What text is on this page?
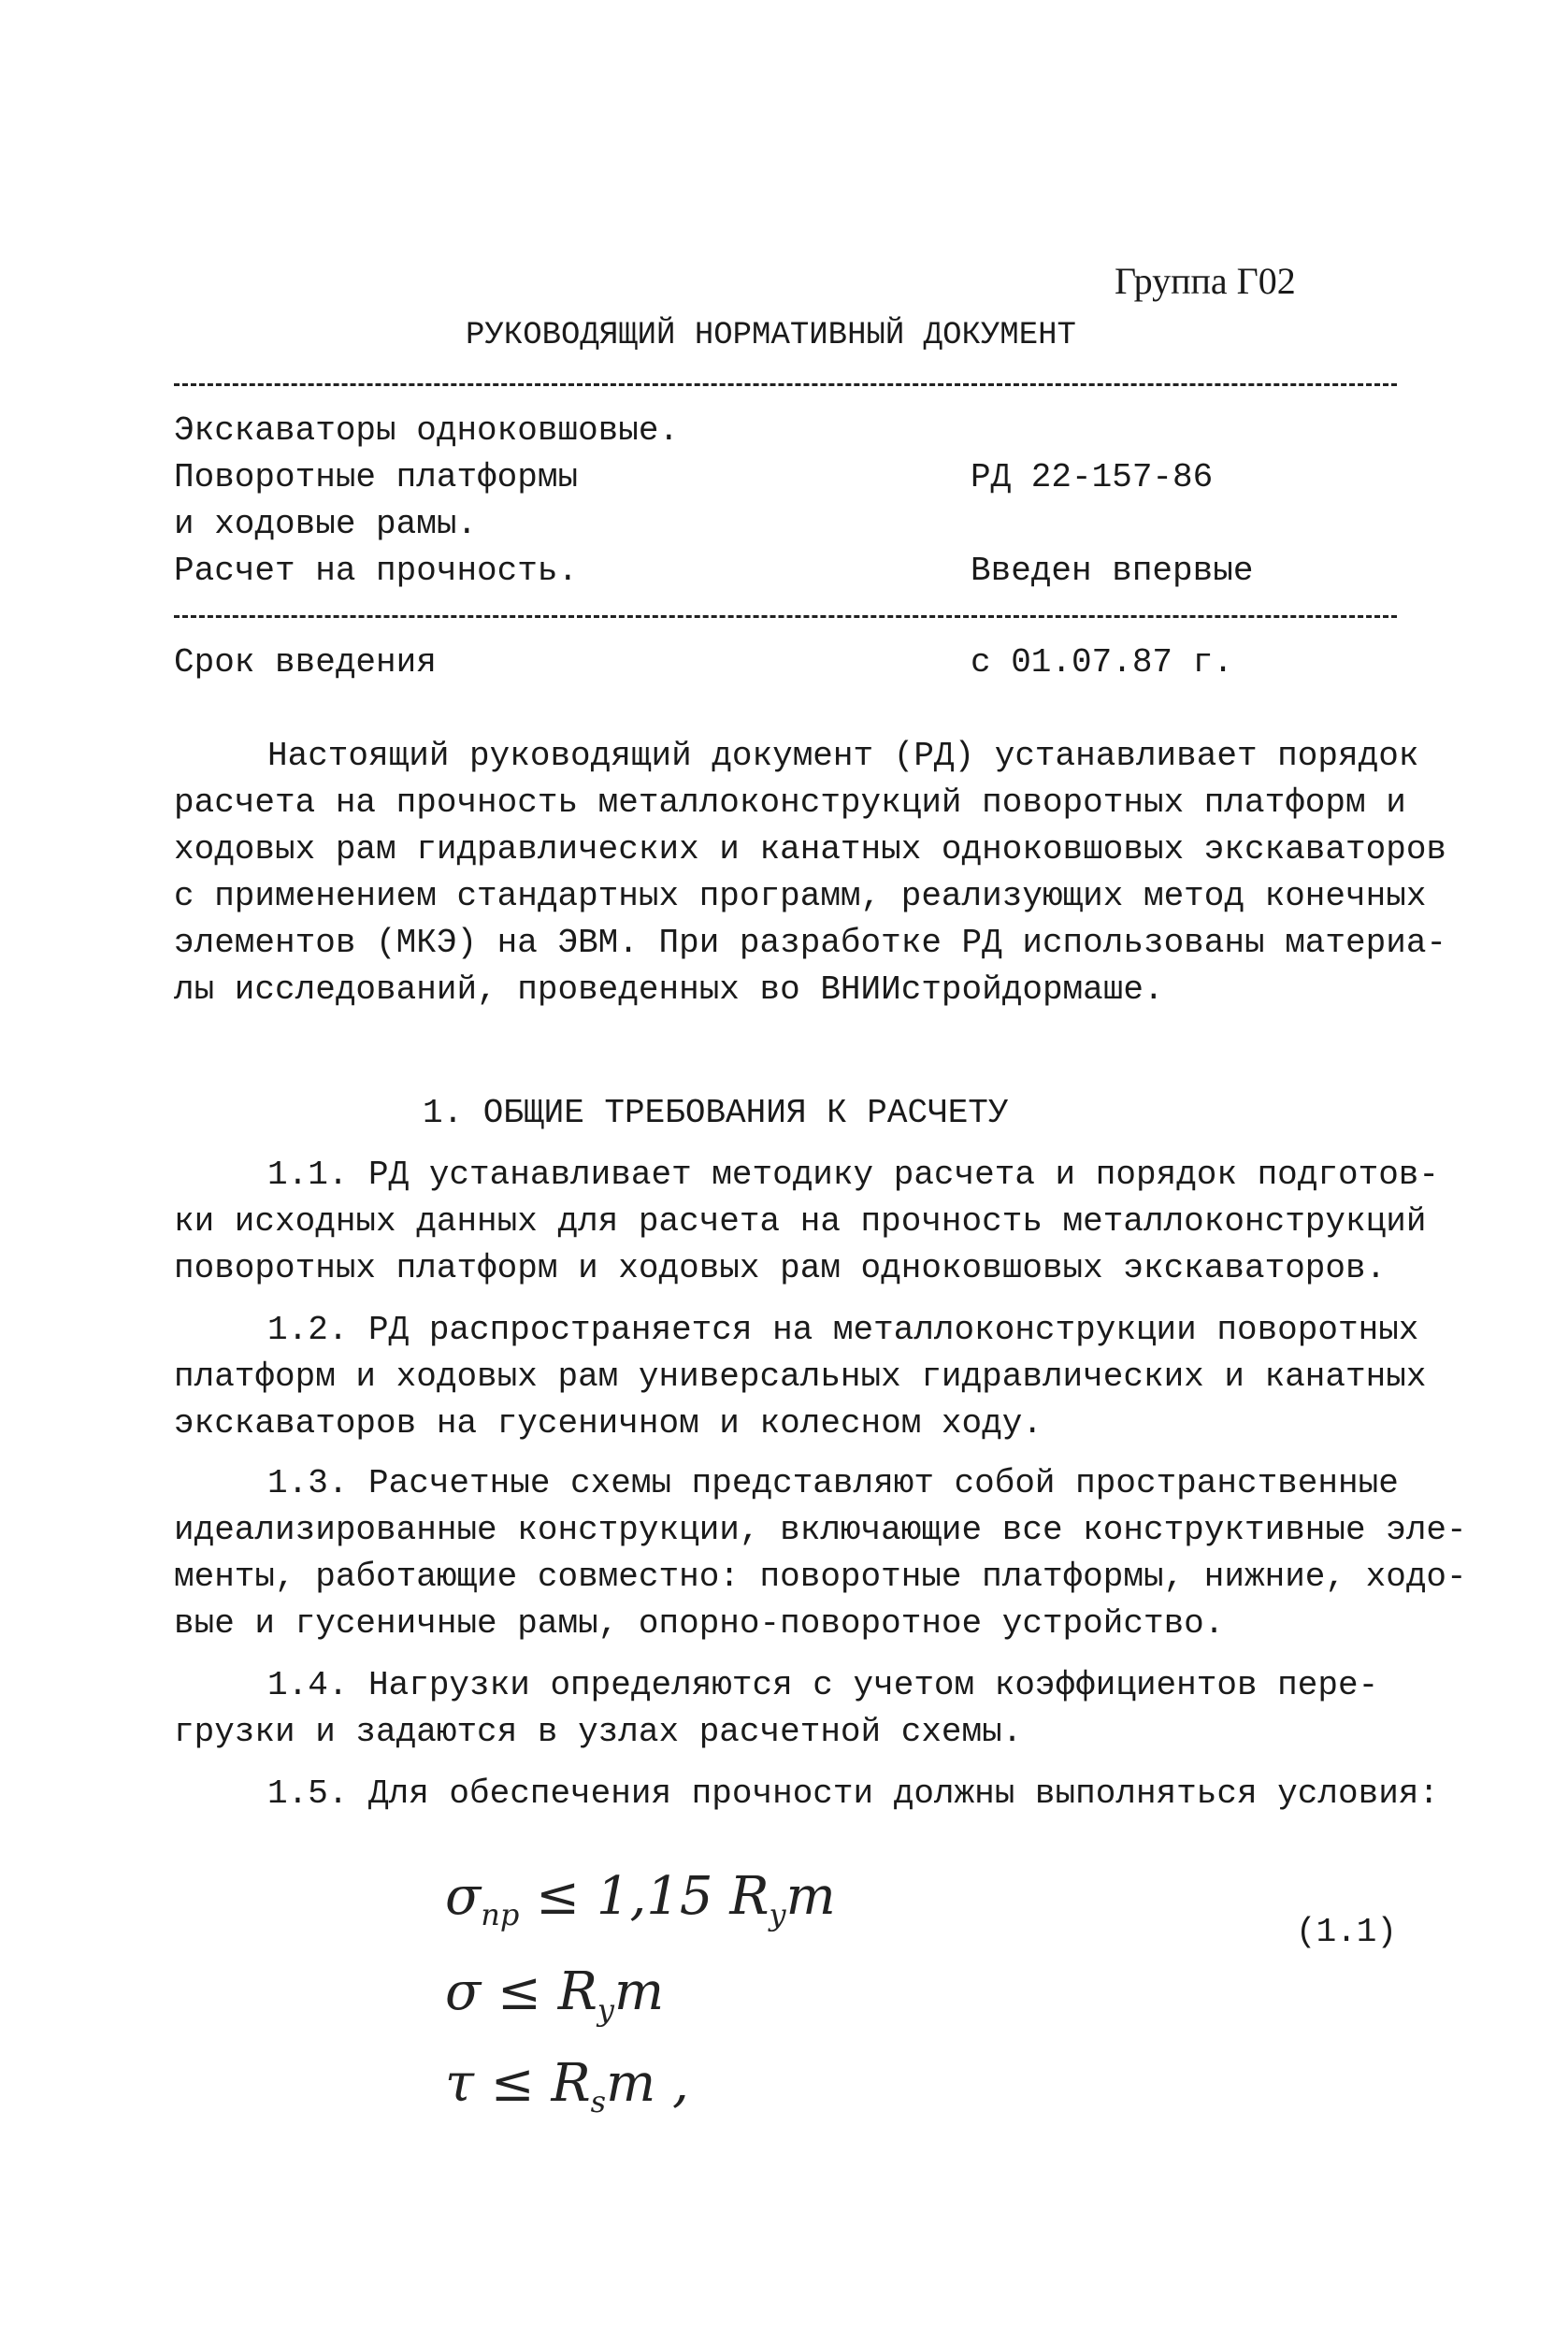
Группа Г02
РУКОВОДЯЩИЙ НОРМАТИВНЫЙ ДОКУМЕНТ
Экскаваторы одноковшовые.
Поворотные платформы
и ходовые рамы.
Расчет на прочность.
РД 22-157-86
Введен впервые
Срок введения	с 01.07.87 г.
Настоящий руководящий документ (РД) устанавливает порядок
расчета на прочность металлоконструкций поворотных платформ и
ходовых рам гидравлических и канатных одноковшовых экскаваторов
с применением стандартных программ, реализующих метод конечных
элементов (МКЭ) на ЭВМ. При разработке РД использованы материа-
лы исследований, проведенных во ВНИИстройдормаше.
1. ОБЩИЕ ТРЕБОВАНИЯ К РАСЧЕТУ
1.1. РД устанавливает методику расчета и порядок подготов-
ки исходных данных для расчета на прочность металлоконструкций
поворотных платформ и ходовых рам одноковшовых экскаваторов.
1.2. РД распространяется на металлоконструкции поворотных
платформ и ходовых рам универсальных гидравлических и канатных
экскаваторов на гусеничном и колесном ходу.
1.3. Расчетные схемы представляют собой пространственные
идеализированные конструкции, включающие все конструктивные эле-
менты, работающие совместно: поворотные платформы, нижние, ходо-
вые и гусеничные рамы, опорно-поворотное устройство.
1.4. Нагрузки определяются с учетом коэффициентов пере-
грузки и задаются в узлах расчетной схемы.
1.5. Для обеспечения прочности должны выполняться условия:
$\sigma_{пр} \le 1,15$ $R_ym$
(1.1)
$\sigma \le R_ym$
$\tau \le R_sm$ ,
